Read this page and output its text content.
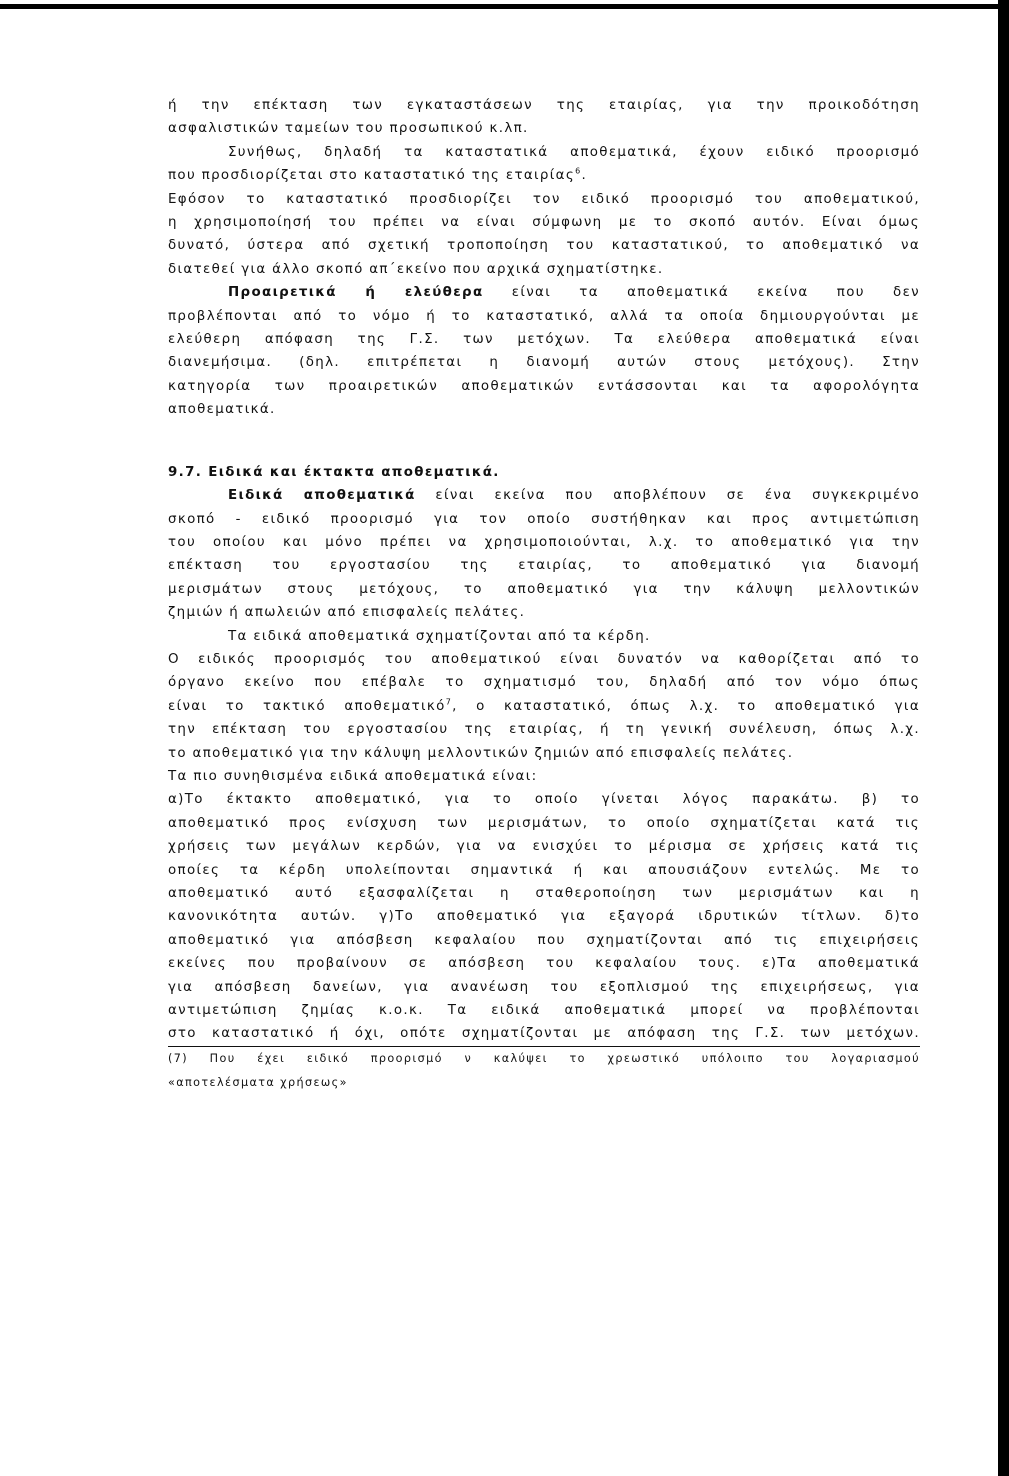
ή την επέκταση των εγκαταστάσεων της εταιρίας, για την προικοδότηση

ασφαλιστικών ταμείων του προσωπικού κ.λπ.

Συνήθως, δηλαδή τα καταστατικά αποθεματικά, έχουν ειδικό προορισμό

που προσδιορίζεται στο καταστατικό της εταιρίας$^6$.

Εφόσον το καταστατικό προσδιορίζει τον ειδικό προορισμό του αποθεματικού,

η χρησιμοποίησή του πρέπει να είναι σύμφωνη με το σκοπό αυτόν. Είναι όμως

δυνατό, ύστερα από σχετική τροποποίηση του καταστατικού, το αποθεματικό να

διατεθεί για άλλο σκοπό απ΄εκείνο που αρχικά σχηματίστηκε.

Προαιρετικά ή ελεύθερα είναι τα αποθεματικά εκείνα που δεν

προβλέπονται από το νόμο ή το καταστατικό, αλλά τα οποία δημιουργούνται με

ελεύθερη απόφαση της Γ.Σ. των μετόχων. Τα ελεύθερα αποθεματικά είναι

διανεμήσιμα. (δηλ. επιτρέπεται η διανομή αυτών στους μετόχους). Στην

κατηγορία των προαιρετικών αποθεματικών εντάσσονται και τα αφορολόγητα

αποθεματικά.

9.7. Ειδικά και έκτακτα αποθεματικά.

Ειδικά αποθεματικά είναι εκείνα που αποβλέπουν σε ένα συγκεκριμένο

σκοπό - ειδικό προορισμό για τον οποίο συστήθηκαν και προς αντιμετώπιση

του οποίου και μόνο πρέπει να χρησιμοποιούνται, λ.χ. το αποθεματικό για την

επέκταση του εργοστασίου της εταιρίας, το αποθεματικό για διανομή

μερισμάτων στους μετόχους, το αποθεματικό για την κάλυψη μελλοντικών

ζημιών ή απωλειών από επισφαλείς πελάτες.

Τα ειδικά αποθεματικά σχηματίζονται από τα κέρδη.

Ο ειδικός προορισμός του αποθεματικού είναι δυνατόν να καθορίζεται από το

όργανο εκείνο που επέβαλε το σχηματισμό του, δηλαδή από τον νόμο όπως

είναι το τακτικό αποθεματικό$^7$, ο καταστατικό, όπως λ.χ. το αποθεματικό για

την επέκταση του εργοστασίου της εταιρίας, ή τη γενική συνέλευση, όπως λ.χ.

το αποθεματικό για την κάλυψη μελλοντικών ζημιών από επισφαλείς πελάτες.

Τα πιο συνηθισμένα ειδικά αποθεματικά είναι:

α)Το έκτακτο αποθεματικό, για το οποίο γίνεται λόγος παρακάτω. β) το

αποθεματικό προς ενίσχυση των μερισμάτων, το οποίο σχηματίζεται κατά τις

χρήσεις των μεγάλων κερδών, για να ενισχύει το μέρισμα σε χρήσεις κατά τις

οποίες τα κέρδη υπολείπονται σημαντικά ή και απουσιάζουν εντελώς. Με το

αποθεματικό αυτό εξασφαλίζεται η σταθεροποίηση των μερισμάτων και η

κανονικότητα αυτών. γ)Το αποθεματικό για εξαγορά ιδρυτικών τίτλων. δ)το

αποθεματικό για απόσβεση κεφαλαίου που σχηματίζονται από τις επιχειρήσεις

εκείνες που προβαίνουν σε απόσβεση του κεφαλαίου τους. ε)Τα αποθεματικά

για απόσβεση δανείων, για ανανέωση του εξοπλισμού της επιχειρήσεως, για

αντιμετώπιση ζημίας κ.ο.κ. Τα ειδικά αποθεματικά μπορεί να προβλέπονται

στο καταστατικό ή όχι, οπότε σχηματίζονται με απόφαση της Γ.Σ. των μετόχων.

(7) Που έχει ειδικό προορισμό ν καλύψει το χρεωστικό υπόλοιπο του λογαριασμού

«αποτελέσματα χρήσεως»
